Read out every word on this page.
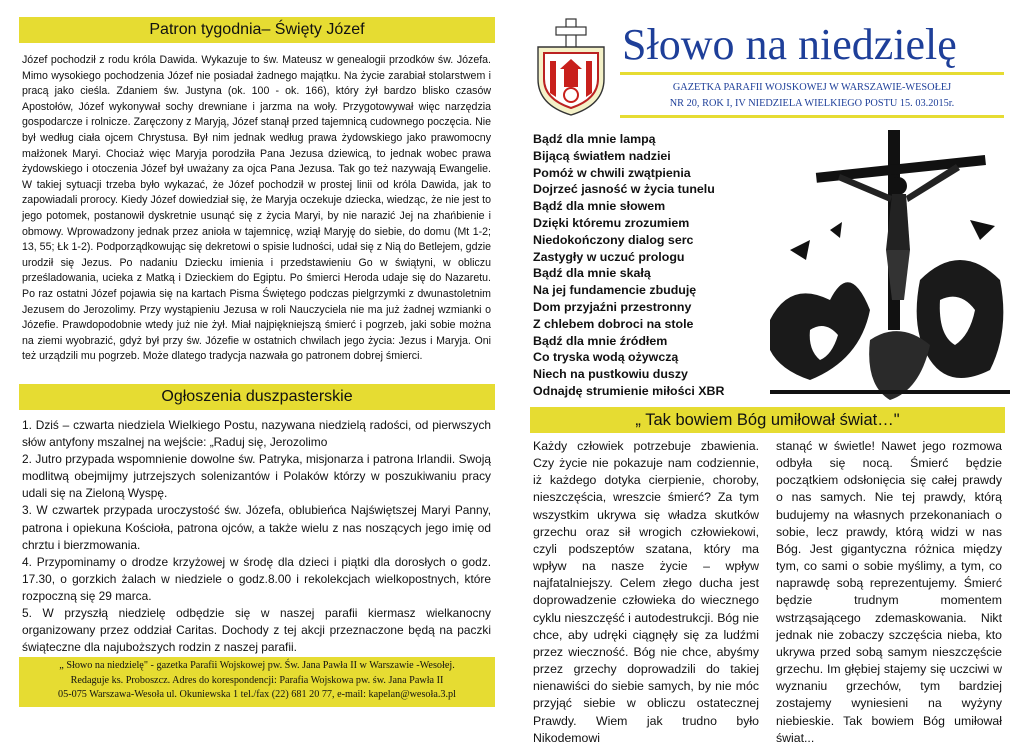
Patron tygodnia– Święty Józef
Józef pochodził z rodu króla Dawida. Wykazuje to św. Mateusz w genealogii przodków św. Józefa. Mimo wysokiego pochodzenia Józef nie posiadał żadnego majątku. Na życie zarabiał stolarstwem i pracą jako cieśla. Zdaniem św. Justyna (ok. 100 - ok. 166), który żył bardzo blisko czasów Apostołów, Józef wykonywał sochy drewniane i jarzma na woły. Przygotowywał więc narzędzia gospodarcze i rolnicze. Zaręczony z Maryją, Józef stanął przed tajemnicą cudownego poczęcia. Nie był według ciała ojcem Chrystusa. Był nim jednak według prawa żydowskiego jako prawomocny małżonek Maryi. Chociaż więc Maryja porodziła Pana Jezusa dziewicą, to jednak wobec prawa żydowskiego i otoczenia Józef był uważany za ojca Pana Jezusa. Tak go też nazywają Ewangelie. W takiej sytuacji trzeba było wykazać, że Józef pochodził w prostej linii od króla Dawida, jak to zapowiadali prorocy. Kiedy Józef dowiedział się, że Maryja oczekuje dziecka, wiedząc, że nie jest to jego potomek, postanowił dyskretnie usunąć się z życia Maryi, by nie narazić Jej na zhańbienie i obmowy. Wprowadzony jednak przez anioła w tajemnicę, wziął Maryję do siebie, do domu (Mt 1-2; 13, 55; Łk 1-2). Podporządkowując się dekretowi o spisie ludności, udał się z Nią do Betlejem, gdzie urodził się Jezus. Po nadaniu Dziecku imienia i przedstawieniu Go w świątyni, w obliczu prześladowania, ucieka z Matką i Dzieckiem do Egiptu. Po śmierci Heroda udaje się do Nazaretu. Po raz ostatni Józef pojawia się na kartach Pisma Świętego podczas pielgrzymki z dwunastoletnim Jezusem do Jerozolimy. Przy wystąpieniu Jezusa w roli Nauczyciela nie ma już żadnej wzmianki o Józefie. Prawdopodobnie wtedy już nie żył. Miał najpiękniejszą śmierć i pogrzeb, jaki sobie można na ziemi wyobrazić, gdyż był przy św. Józefie w ostatnich chwilach jego życia: Jezus i Maryja. Oni też urządzili mu pogrzeb. Może dlatego tradycja nazwała go patronem dobrej śmierci.
Ogłoszenia duszpasterskie

1. Dziś – czwarta niedziela Wielkiego Postu, nazywana niedzielą radości, od pierwszych słów antyfony mszalnej na wejście: „Raduj się, Jerozolimo

2. Jutro przypada wspomnienie dowolne św. Patryka, misjonarza i patrona Irlandii. Swoją modlitwą obejmijmy jutrzejszych solenizantów i Polaków którzy w poszukiwaniu pracy udali się na Zieloną Wyspę.

3. W czwartek przypada uroczystość św. Józefa, oblubieńca Najświętszej Maryi Panny, patrona i opiekuna Kościoła, patrona ojców, a także wielu z nas noszących jego imię od chrztu i bierzmowania.

4. Przypominamy o drodze krzyżowej w środę dla dzieci i piątki dla dorosłych o godz. 17.30, o gorzkich żalach w niedziele o godz.8.00 i rekolekcjach wielkopostnych, które rozpoczną się 29 marca.

5. W przyszłą niedzielę odbędzie się w naszej parafii kiermasz wielkanocny organizowany przez oddział Caritas. Dochody z tej akcji przeznaczone będą na paczki świąteczne dla najuboższych rodzin z naszej parafii.

„ Słowo na niedzielę" - gazetka Parafii Wojskowej pw. Św. Jana Pawła II w Warszawie -Wesołej.
Redaguje ks. Proboszcz. Adres do korespondencji: Parafia Wojskowa pw. św. Jana Pawła II
05-075 Warszawa-Wesoła ul. Okuniewska 1 tel./fax (22) 681 20 77, e-mail: kapelan@wesoła.3.pl
Słowo na niedzielę
GAZETKA PARAFII WOJSKOWEJ W WARSZAWIE-WESOŁEJ
NR 20, ROK I, IV NIEDZIELA WIELKIEGO POSTU 15. 03.2015r.
Bądź dla mnie lampą
Bijącą światłem nadziei
Pomóż w chwili zwątpienia
Dojrzeć jasność w życia tunelu
Bądź dla mnie słowem
Dzięki któremu zrozumiem
Niedokończony dialog serc
Zastygły w uczuć prologu
Bądź dla mnie skałą
Na jej fundamencie zbuduję
Dom przyjaźni przestronny
Z chlebem dobroci na stole
Bądź dla mnie źródłem
Co tryska wodą ożywczą
Niech na pustkowiu duszy
Odnajdę strumienie miłości XBR
„ Tak bowiem Bóg umiłował świat…"
Każdy człowiek potrzebuje zbawienia. Czy życie nie pokazuje nam codziennie, iż każdego dotyka cierpienie, choroby, nieszczęścia, wreszcie śmierć? Za tym wszystkim ukrywa się władza skutków grzechu oraz sił wrogich człowiekowi, czyli podszeptów szatana, który ma wpływ na nasze życie – wpływ najfatalniejszy. Celem złego ducha jest doprowadzenie człowieka do wiecznego cyklu nieszczęść i autodestrukcji. Bóg nie chce, aby udręki ciągnęły się za ludźmi przez wieczność. Bóg nie chce, abyśmy przez grzechy doprowadzili do takiej nienawiści do siebie samych, by nie móc przyjąć siebie w obliczu ostatecznej Prawdy. Wiem jak trudno było Nikodemowi
stanąć w świetle! Nawet jego rozmowa odbyła się nocą. Śmierć będzie początkiem odsłonięcia się całej prawdy o nas samych. Nie tej prawdy, którą budujemy na własnych przekonaniach o sobie, lecz prawdy, którą widzi w nas Bóg. Jest gigantyczna różnica między tym, co sami o sobie myślimy, a tym, co naprawdę sobą reprezentujemy. Śmierć będzie trudnym momentem wstrząsającego zdemaskowania. Nikt jednak nie zobaczy szczęścia nieba, kto ukrywa przed sobą samym nieszczęście grzechu. Im głębiej stajemy się uczciwi w wyznaniu grzechów, tym bardziej zostajemy wyniesieni na wyżyny niebieskie. Tak bowiem Bóg umiłował świat...
